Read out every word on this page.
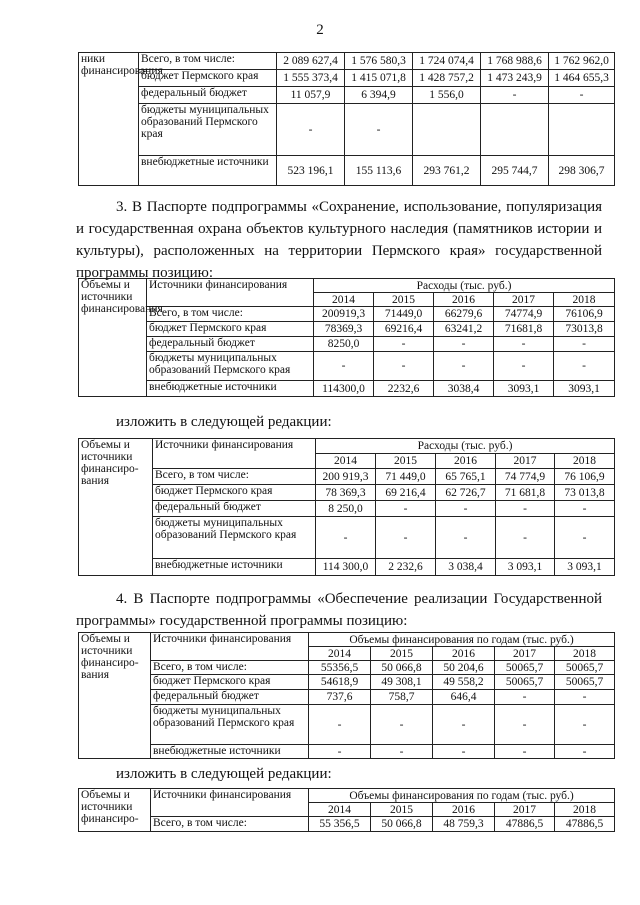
2
ники финансирования	Всего, в том числе:	2 089 627,4	1 576 580,3	1 724 074,4	1 768 988,6	1 762 962,0
	бюджет Пермского края	1 555 373,4	1 415 071,8	1 428 757,2	1 473 243,9	1 464 655,3
	федеральный бюджет	11 057,9	6 394,9	1 556,0	-	-
	бюджеты муниципальных образований Пермского края	-	-			
	внебюджетные источники	523 196,1	155 113,6	293 761,2	295 744,7	298 306,7
3. В Паспорте подпрограммы «Сохранение, использование, популяризация и государственная охрана объектов культурного наследия (памятников истории и культуры), расположенных на территории Пермского края» государственной программы позицию:
Объемы и источники финансирования	Источники финансирования	Расходы (тыс. руб.)				
		2014	2015	2016	2017	2018
	Всего, в том числе:	200919,3	71449,0	66279,6	74774,9	76106,9
	бюджет Пермского края	78369,3	69216,4	63241,2	71681,8	73013,8
	федеральный бюджет	8250,0	-	-	-	-
	бюджеты муниципальных образований Пермского края	-	-	-	-	-
	внебюджетные источники	114300,0	2232,6	3038,4	3093,1	3093,1
изложить в следующей редакции:
Объемы и источники финансиро-вания	Источники финансирования	Расходы (тыс. руб.)				
		2014	2015	2016	2017	2018
	Всего, в том числе:	200 919,3	71 449,0	65 765,1	74 774,9	76 106,9
	бюджет Пермского края	78 369,3	69 216,4	62 726,7	71 681,8	73 013,8
	федеральный бюджет	8 250,0	-	-	-	-
	бюджеты муниципальных образований Пермского края	-	-	-	-	-
	внебюджетные источники	114 300,0	2 232,6	3 038,4	3 093,1	3 093,1
4. В Паспорте подпрограммы «Обеспечение реализации Государственной программы» государственной программы позицию:
Объемы и источники финансиро-вания	Источники финансирования	Объемы финансирования по годам (тыс. руб.)				
		2014	2015	2016	2017	2018
	Всего, в том числе:	55356,5	50 066,8	50 204,6	50065,7	50065,7
	бюджет Пермского края	54618,9	49 308,1	49 558,2	50065,7	50065,7
	федеральный бюджет	737,6	758,7	646,4	-	-
	бюджеты муниципальных образований Пермского края	-	-	-	-	-
	внебюджетные источники	-	-	-	-	-
изложить в следующей редакции:
Объемы и источники финансиро-	Источники финансирования	Объемы финансирования по годам (тыс. руб.)				
		2014	2015	2016	2017	2018
	Всего, в том числе:	55 356,5	50 066,8	48 759,3	47886,5	47886,5
